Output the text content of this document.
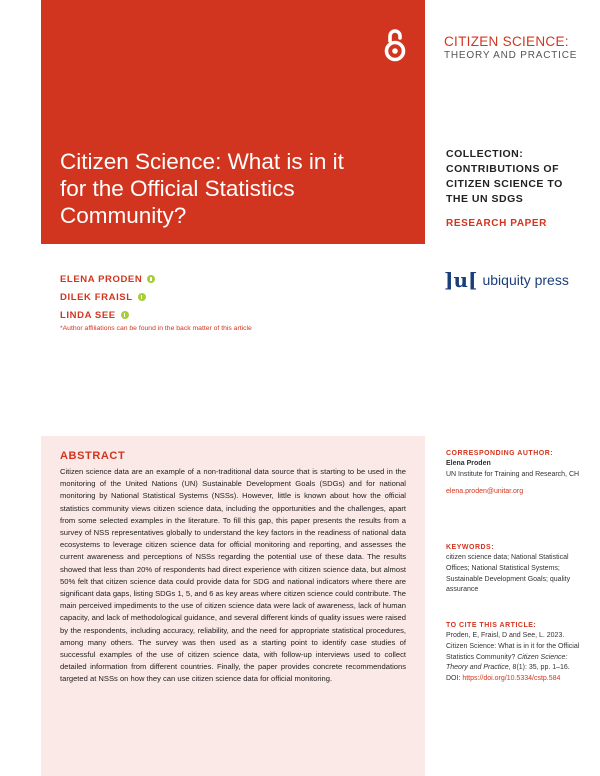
Citizen Science: What is in it for the Official Statistics Community?
CITIZEN SCIENCE:
THEORY AND PRACTICE
COLLECTION: CONTRIBUTIONS OF CITIZEN SCIENCE TO THE UN SDGS
RESEARCH PAPER
]u[ ubiquity press
ELENA PRODEN
DILEK FRAISL
LINDA SEE
*Author affiliations can be found in the back matter of this article
ABSTRACT

Citizen science data are an example of a non-traditional data source that is starting to be used in the monitoring of the United Nations (UN) Sustainable Development Goals (SDGs) and for national monitoring by National Statistical Systems (NSSs). However, little is known about how the official statistics community views citizen science data, including the opportunities and the challenges, apart from some selected examples in the literature. To fill this gap, this paper presents the results from a survey of NSS representatives globally to understand the key factors in the readiness of national data ecosystems to leverage citizen science data for official monitoring and reporting, and assesses the current awareness and perceptions of NSSs regarding the potential use of these data. The results showed that less than 20% of respondents had direct experience with citizen science data, but almost 50% felt that citizen science data could provide data for SDG and national indicators where there are significant data gaps, listing SDGs 1, 5, and 6 as key areas where citizen science could contribute. The main perceived impediments to the use of citizen science data were lack of awareness, lack of human capacity, and lack of methodological guidance, and several different kinds of quality issues were raised by the respondents, including accuracy, reliability, and the need for appropriate statistical procedures, among many others. The survey was then used as a starting point to identify case studies of successful examples of the use of citizen science data, with follow-up interviews used to collect detailed information from different countries. Finally, the paper provides concrete recommendations targeted at NSSs on how they can use citizen science data for official monitoring.

CORRESPONDING AUTHOR:
Elena Proden
UN Institute for Training and Research, CH
elena.proden@unitar.org
KEYWORDS:
citizen science data; National Statistical Offices; National Statistical Systems; Sustainable Development Goals; quality assurance
TO CITE THIS ARTICLE:
Proden, E, Fraisl, D and See, L. 2023. Citizen Science: What is in it for the Official Statistics Community? Citizen Science: Theory and Practice, 8(1): 35, pp. 1–16. DOI: https://doi.org/10.5334/cstp.584
